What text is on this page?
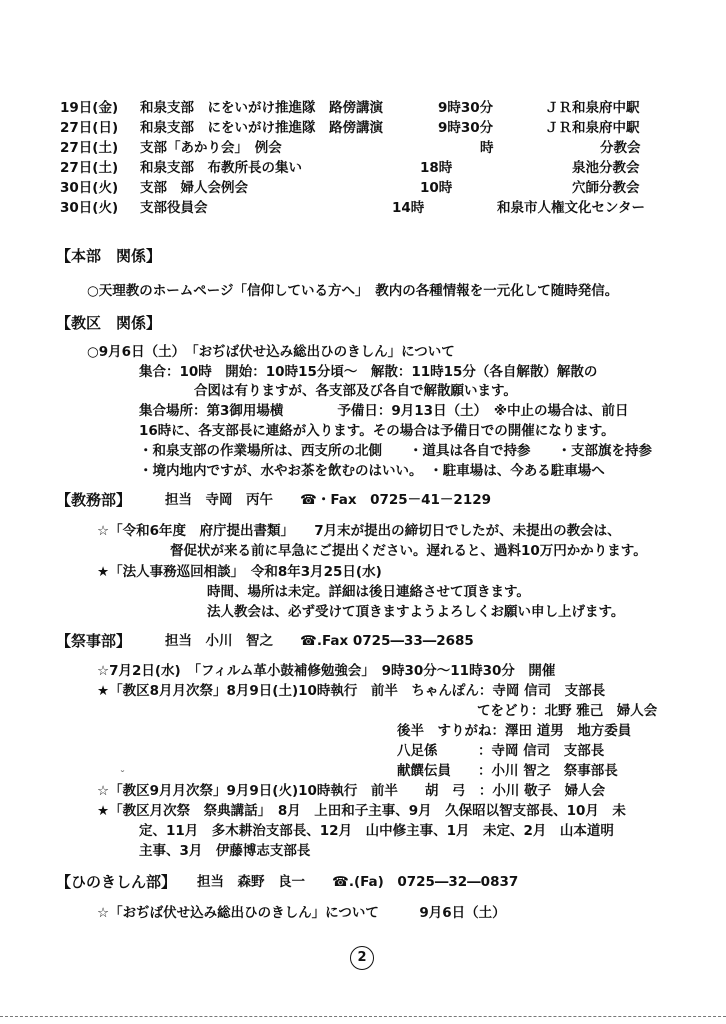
19日(金) 和泉支部　にをいがけ推進隊　路傍講演	9時30分	ＪＲ和泉府中駅
27日(日) 和泉支部　にをいがけ推進隊　路傍講演	9時30分	ＪＲ和泉府中駅
27日(土) 支部「あかり会」　例会	時	分教会
27日(土) 和泉支部　布教所長の集い	18時	泉池分教会
30日(火) 支部　婦人会例会	10時	穴師分教会
30日(火) 支部役員会	14時	和泉市人権文化センター
【本部　関係】
○天理教のホームページ「信仰している方へ」　教内の各種情報を一元化して随時発信。
【教区　関係】
○9月6日（土）　「おぢば伏せ込み総出ひのきしん」について
集合：10時　開始：10時15分頃～　解散：11時15分（各自解散）解散の
合図は有りますが、各支部及び各自で解散願います。
集合場所：第3御用場横　　　　予備日：9月13日（土）　※中止の場合は、前日
16時に、各支部長に連絡が入ります。その場合は予備日での開催になります。
・和泉支部の作業場所は、西支所の北側　　・道具は各自で持参　　・支部旗を持参
・境内地内ですが、水やお茶を飲むのはいい。　・駐車場は、今ある駐車場へ
【教務部】	担当　寺岡　丙午　　☎・Fax　0725－41－2129
☆「令和6年度　府庁提出書類」　　7月末が提出の締切日でしたが、未提出の教会は、
督促状が来る前に早急にご提出ください。遅れると、過料10万円かかります。
★「法人事務巡回相談」　令和8年3月25日(水)
時間、場所は未定。詳細は後日連絡させて頂きます。
法人教会は、必ず受けて頂きますようよろしくお願い申し上げます。
【祭事部】	担当　小川　智之　　☎.Fax 0725―33―2685
☆7月2日(水)　「フィルム革小鼓補修勉強会」　9時30分～11時30分　開催
★「教区8月月次祭」8月9日(土)10時執行　前半　ちゃんぽん：寺岡 信司　支部長
てをどり：北野 雅己　婦人会
後半　すりがね：澤田 道男　地方委員
八足係　　　：寺岡 信司　支部長
献饌伝員　　：小川 智之　祭事部長
ˇ
☆「教区9月月次祭」9月9日(火)10時執行　前半　　胡　弓　：小川 敬子　婦人会
★「教区月次祭　祭典講話」　8月　上田和子主事、9月　久保昭以智支部長、10月　未
定、11月　多木耕治支部長、12月　山中修主事、1月　未定、2月　山本道明
主事、3月　伊藤博志支部長
【ひのきしん部】 担当　森野　良一　　☎.(Fa)　0725―32―0837
☆「おぢば伏せ込み総出ひのきしん」について　　　9月6日（土）
2
